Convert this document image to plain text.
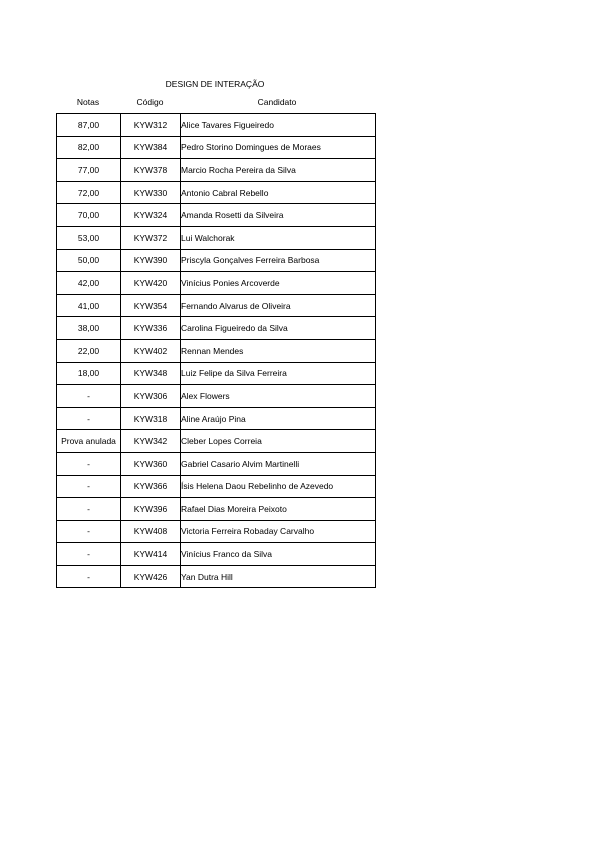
DESIGN DE INTERAÇÃO
Notas	Código	Candidato
87,00	KYW312	Alice Tavares Figueiredo
82,00	KYW384	Pedro Storino Domingues de Moraes
77,00	KYW378	Marcio Rocha Pereira da Silva
72,00	KYW330	Antonio Cabral Rebello
70,00	KYW324	Amanda Rosetti da Silveira
53,00	KYW372	Lui Walchorak
50,00	KYW390	Priscyla Gonçalves Ferreira Barbosa
42,00	KYW420	Vinícius Ponies Arcoverde
41,00	KYW354	Fernando Alvarus de Oliveira
38,00	KYW336	Carolina Figueiredo da Silva
22,00	KYW402	Rennan Mendes
18,00	KYW348	Luiz Felipe da Silva Ferreira
-	KYW306	Alex Flowers
-	KYW318	Aline Araújo Pina
Prova anulada	KYW342	Cleber Lopes Correia
-	KYW360	Gabriel Casario Alvim Martinelli
-	KYW366	Ísis Helena Daou Rebelinho de Azevedo
-	KYW396	Rafael Dias Moreira Peixoto
-	KYW408	Victoria Ferreira Robaday Carvalho
-	KYW414	Vinícius Franco da Silva
-	KYW426	Yan Dutra Hill
